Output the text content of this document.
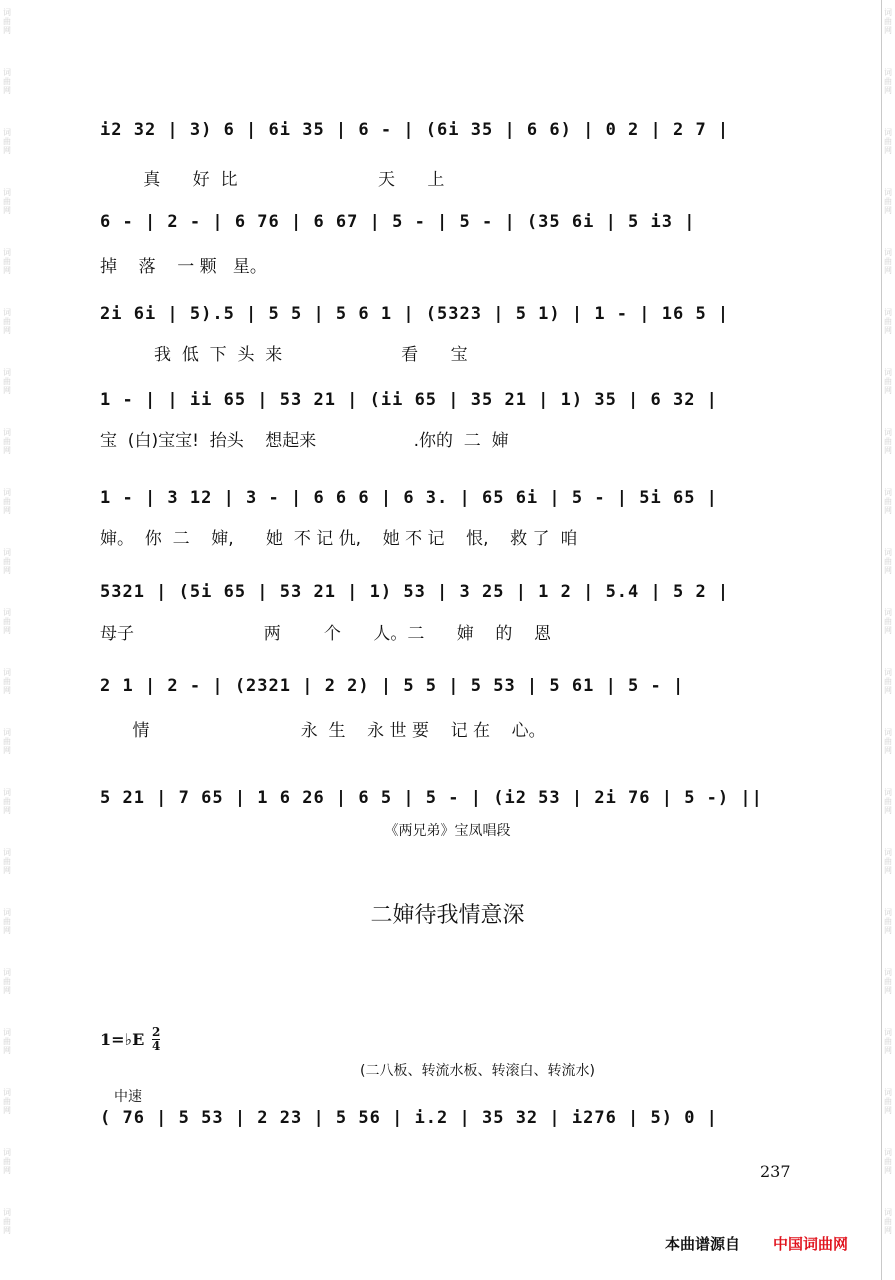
词
曲
网
词
曲
网
词
曲
网
词
曲
网
词
曲
网
词
曲
网
词
曲
网
词
曲
网
词
曲
网
词
曲
网
词
曲
网
词
曲
网
词
曲
网
词
曲
网
词
曲
网
词
曲
网
词
曲
网
词
曲
网
词
曲
网
词
曲
网
词
曲
网
词
曲
网
词
曲
网
词
曲
网
词
曲
网
词
曲
网
词
曲
网
词
曲
网
词
曲
网
词
曲
网
词
曲
网
词
曲
网
词
曲
网
词
曲
网
词
曲
网
词
曲
网
词
曲
网
词
曲
网
词
曲
网
词
曲
网
词
曲
网
词
曲
网
i2 32 | 3) 6 | 6i 35 | 6 - | (6i 35 | 6 6) | 0 2 | 2 7 |
真      好  比                          天      上
6 - | 2 - | 6 76 | 6 67 | 5 - | 5 - | (35 6i | 5 i3 |
掉    落    一 颗   星。
2i 6i | 5).5 | 5 5 | 5 6 1 | (5323 | 5 1) | 1 - | 16 5 |
我  低  下  头  来                      看      宝
1 - | | ii 65 | 53 21 | (ii 65 | 35 21 | 1) 35 | 6 32 |
宝  (白)宝宝!  抬头    想起来                  .你的  二  婶
1 - | 3 12 | 3 - | 6 6 6 | 6 3. | 65 6i | 5 - | 5i 65 |
婶。  你  二    婶,      她  不 记 仇,    她 不 记    恨,    救 了  咱
5321 | (5i 65 | 53 21 | 1) 53 | 3 25 | 1 2 | 5.4 | 5 2 |
母子                        两        个      人。二      婶    的    恩
2 1 | 2 - | (2321 | 2 2) | 5 5 | 5 53 | 5 61 | 5 - |
情                            永  生    永 世 要    记 在    心。
5 21 | 7 65 | 1 6 26 | 6 5 | 5 - | (i2 53 | 2i 76 | 5 -) ||
二婶待我情意深
《两兄弟》宝凤唱段
1=♭E 2
4
(二八板、转流水板、转滚白、转流水)
中速
( 76 | 5 53 | 2 23 | 5 56 | i.2 | 35 32 | i276 | 5) 0 |
237
本曲谱源自 中国词曲网
